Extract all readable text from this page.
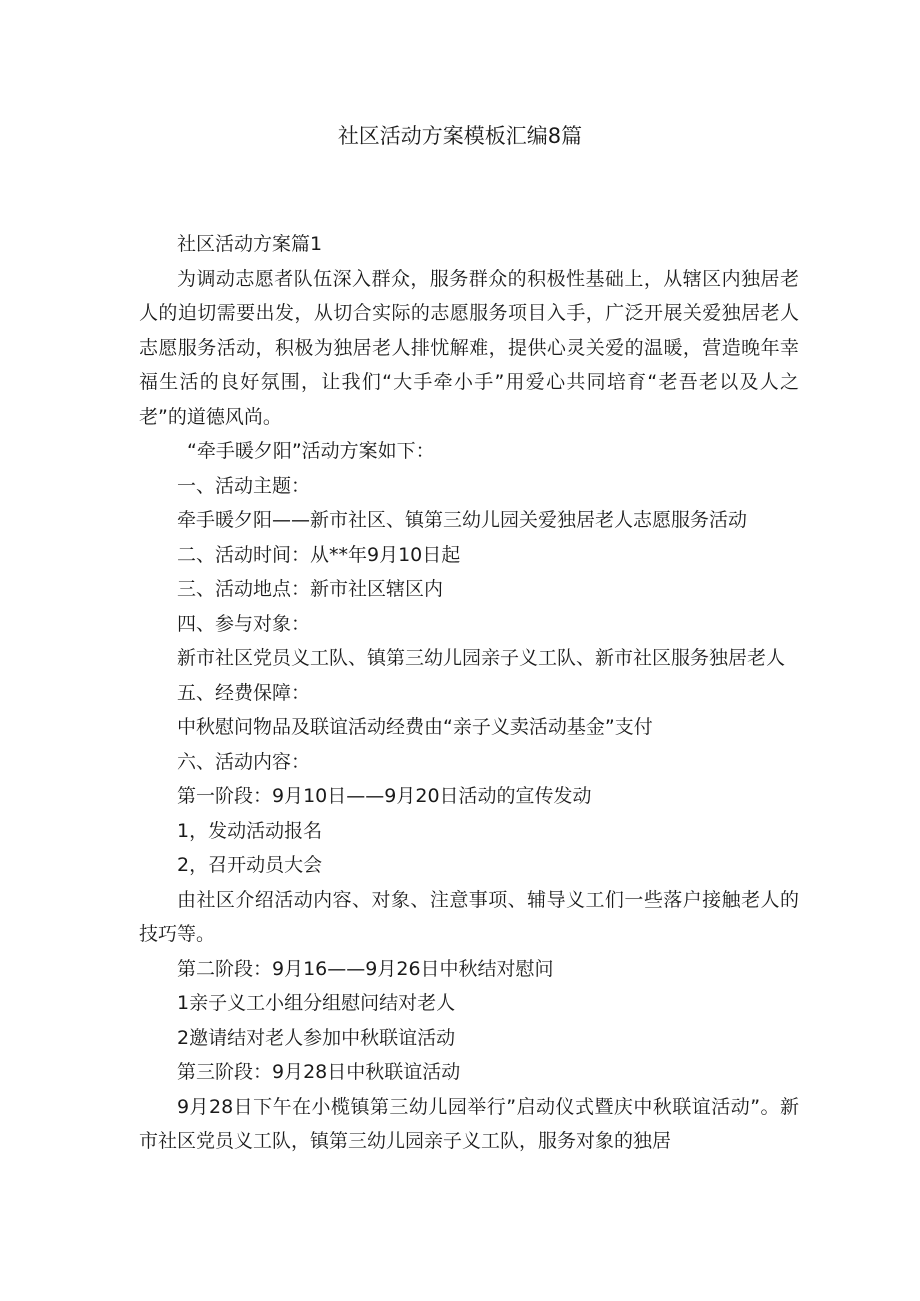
社区活动方案模板汇编8篇

社区活动方案篇1

为调动志愿者队伍深入群众，服务群众的积极性基础上，从辖区内独居老人的迫切需要出发，从切合实际的志愿服务项目入手，广泛开展关爱独居老人志愿服务活动，积极为独居老人排忧解难，提供心灵关爱的温暖，营造晚年幸福生活的良好氛围，让我们“大手牵小手”用爱心共同培育“老吾老以及人之老”的道德风尚。

“牵手暖夕阳”活动方案如下：

一、活动主题：

牵手暖夕阳——新市社区、镇第三幼儿园关爱独居老人志愿服务活动

二、活动时间：从**年9月10日起

三、活动地点：新市社区辖区内

四、参与对象：

新市社区党员义工队、镇第三幼儿园亲子义工队、新市社区服务独居老人

五、经费保障：

中秋慰问物品及联谊活动经费由“亲子义卖活动基金”支付

六、活动内容：

第一阶段：9月10日——9月20日活动的宣传发动

1，发动活动报名

2，召开动员大会

由社区介绍活动内容、对象、注意事项、辅导义工们一些落户接触老人的技巧等。

第二阶段：9月16——9月26日中秋结对慰问

1亲子义工小组分组慰问结对老人

2邀请结对老人参加中秋联谊活动

第三阶段：9月28日中秋联谊活动

9月28日下午在小榄镇第三幼儿园举行”启动仪式暨庆中秋联谊活动”。新市社区党员义工队，镇第三幼儿园亲子义工队，服务对象的独居
